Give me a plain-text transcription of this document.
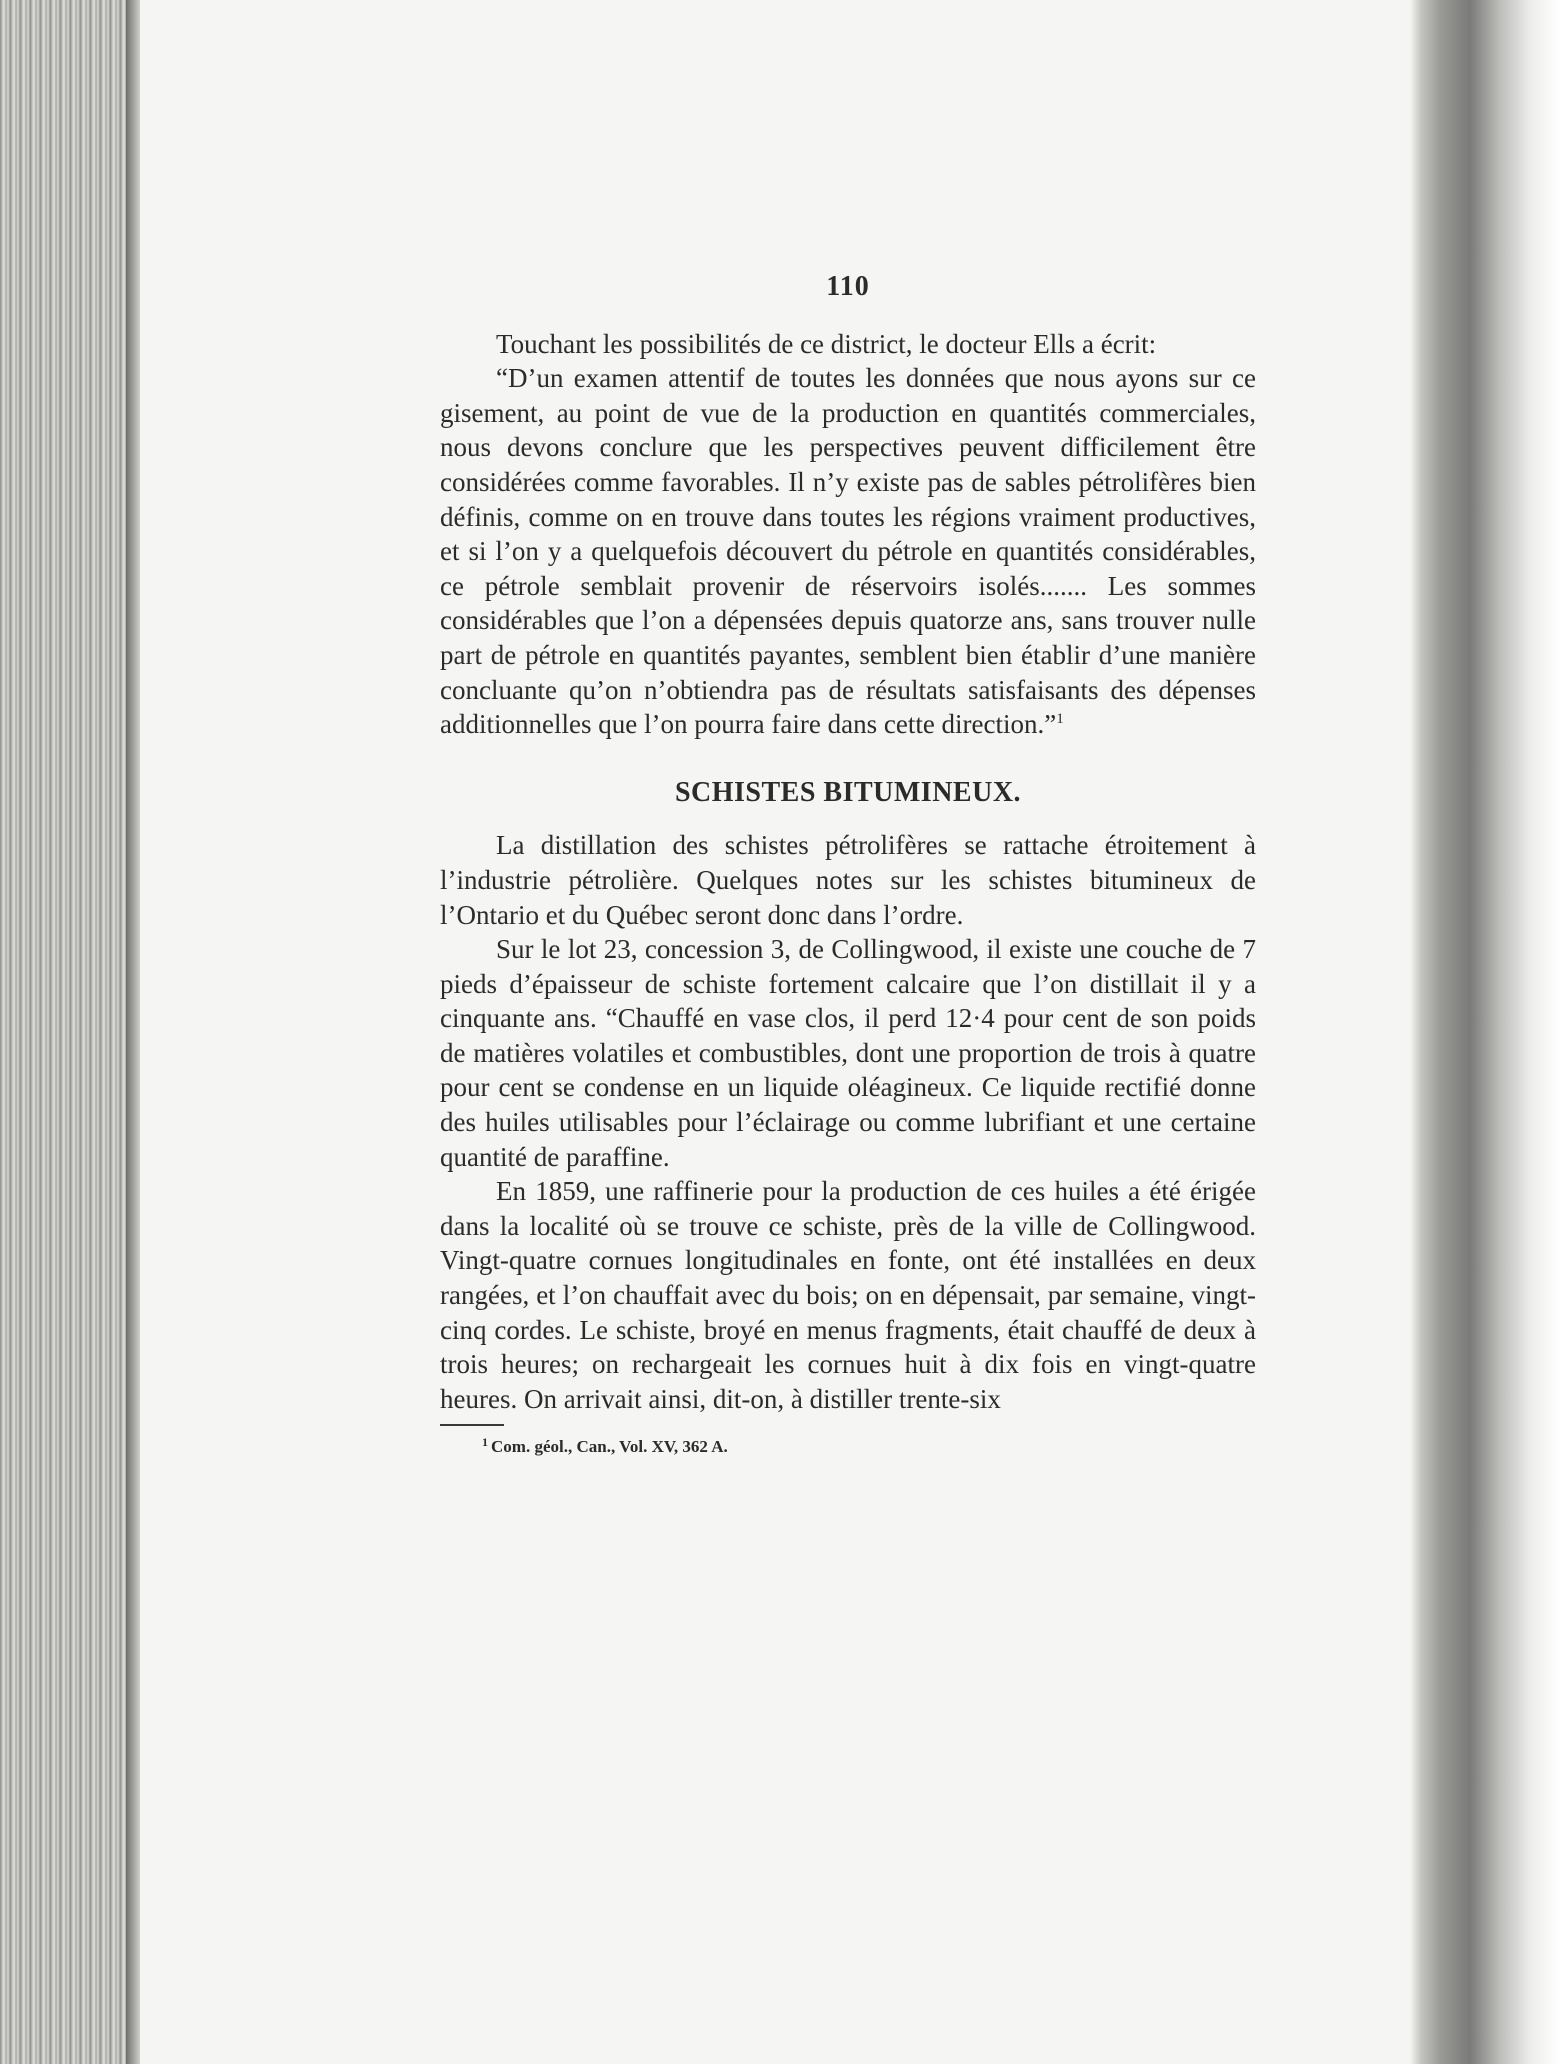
110

Touchant les possibilités de ce district, le docteur Ells a écrit:

“D’un examen attentif de toutes les données que nous ayons sur ce gisement, au point de vue de la production en quantités commerciales, nous devons conclure que les perspectives peuvent difficilement être considérées comme favorables. Il n’y existe pas de sables pétrolifères bien définis, comme on en trouve dans toutes les régions vraiment productives, et si l’on y a quelquefois découvert du pétrole en quantités considérables, ce pétrole semblait provenir de réservoirs isolés....... Les sommes considérables que l’on a dépensées depuis quatorze ans, sans trouver nulle part de pétrole en quantités payantes, semblent bien établir d’une manière concluante qu’on n’obtiendra pas de résultats satisfaisants des dépenses additionnelles que l’on pourra faire dans cette direction.”$^1$

SCHISTES BITUMINEUX.

La distillation des schistes pétrolifères se rattache étroitement à l’industrie pétrolière. Quelques notes sur les schistes bitumineux de l’Ontario et du Québec seront donc dans l’ordre.

Sur le lot 23, concession 3, de Collingwood, il existe une couche de 7 pieds d’épaisseur de schiste fortement calcaire que l’on distillait il y a cinquante ans. “Chauffé en vase clos, il perd 12·4 pour cent de son poids de matières volatiles et combustibles, dont une proportion de trois à quatre pour cent se condense en un liquide oléagineux. Ce liquide rectifié donne des huiles utilisables pour l’éclairage ou comme lubrifiant et une certaine quantité de paraffine.

En 1859, une raffinerie pour la production de ces huiles a été érigée dans la localité où se trouve ce schiste, près de la ville de Collingwood. Vingt-quatre cornues longitudinales en fonte, ont été installées en deux rangées, et l’on chauffait avec du bois; on en dépensait, par semaine, vingt-cinq cordes. Le schiste, broyé en menus fragments, était chauffé de deux à trois heures; on rechargeait les cornues huit à dix fois en vingt-quatre heures. On arrivait ainsi, dit-on, à distiller trente-six

$^1$ Com. géol., Can., Vol. XV, 362 A.
